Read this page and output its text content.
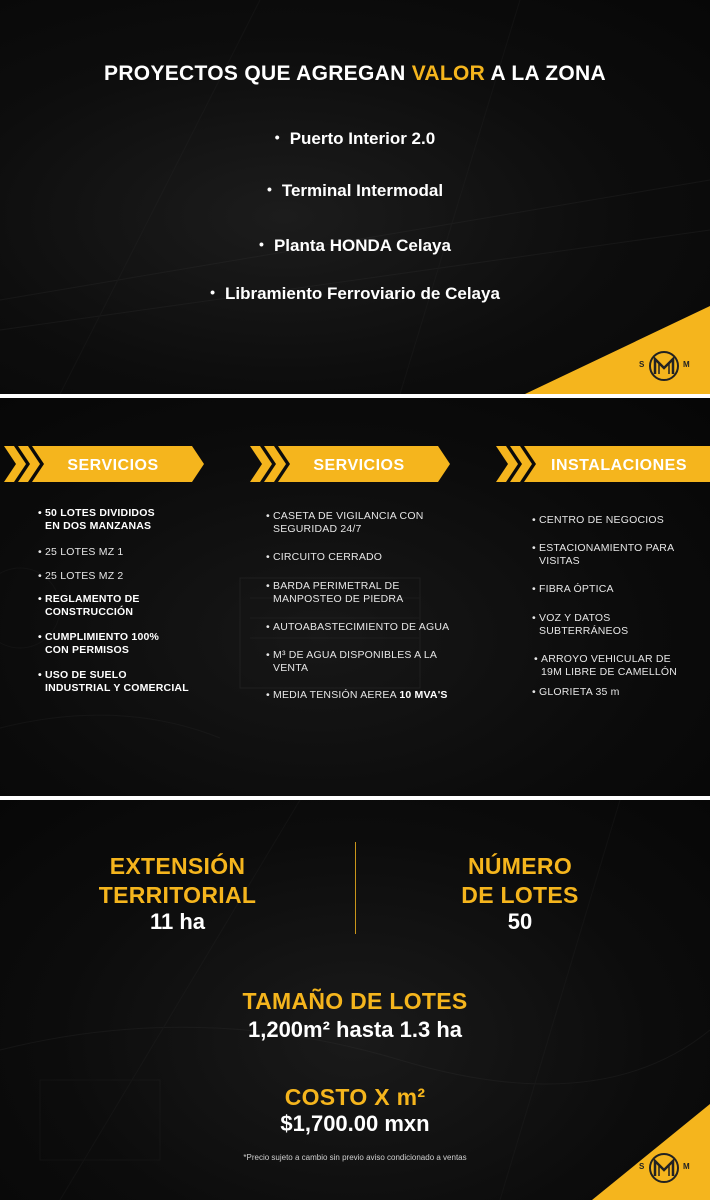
PROYECTOS QUE AGREGAN VALOR A LA ZONA
• Puerto Interior 2.0
• Terminal Intermodal
• Planta HONDA Celaya
• Libramiento Ferroviario de Celaya
S	M
SERVICIOS	SERVICIOS	INSTALACIONES
• 50 LOTES DIVIDIDOS
EN DOS MANZANAS
• 25 LOTES MZ 1
• 25 LOTES MZ 2
• REGLAMENTO DE
CONSTRUCCIÓN
• CUMPLIMIENTO 100%
CON PERMISOS
• USO DE SUELO
INDUSTRIAL Y COMERCIAL
• CASETA DE VIGILANCIA CON
SEGURIDAD 24/7
• CIRCUITO CERRADO
• BARDA PERIMETRAL DE
MANPOSTEO DE PIEDRA
• AUTOABASTECIMIENTO DE AGUA
• M³ DE AGUA DISPONIBLES A LA
VENTA
• MEDIA TENSIÓN AEREA 10 MVA'S
• CENTRO DE NEGOCIOS
• ESTACIONAMIENTO PARA
VISITAS
• FIBRA ÓPTICA
• VOZ Y DATOS
SUBTERRÁNEOS
• ARROYO VEHICULAR DE
19M LIBRE DE CAMELLÓN
• GLORIETA 35 m
EXTENSIÓN
TERRITORIAL
11 ha
NÚMERO
DE LOTES
50
TAMAÑO DE LOTES
1,200m² hasta 1.3 ha
COSTO X m²
$1,700.00 mxn
*Precio sujeto a cambio sin previo aviso condicionado a ventas
S	M
